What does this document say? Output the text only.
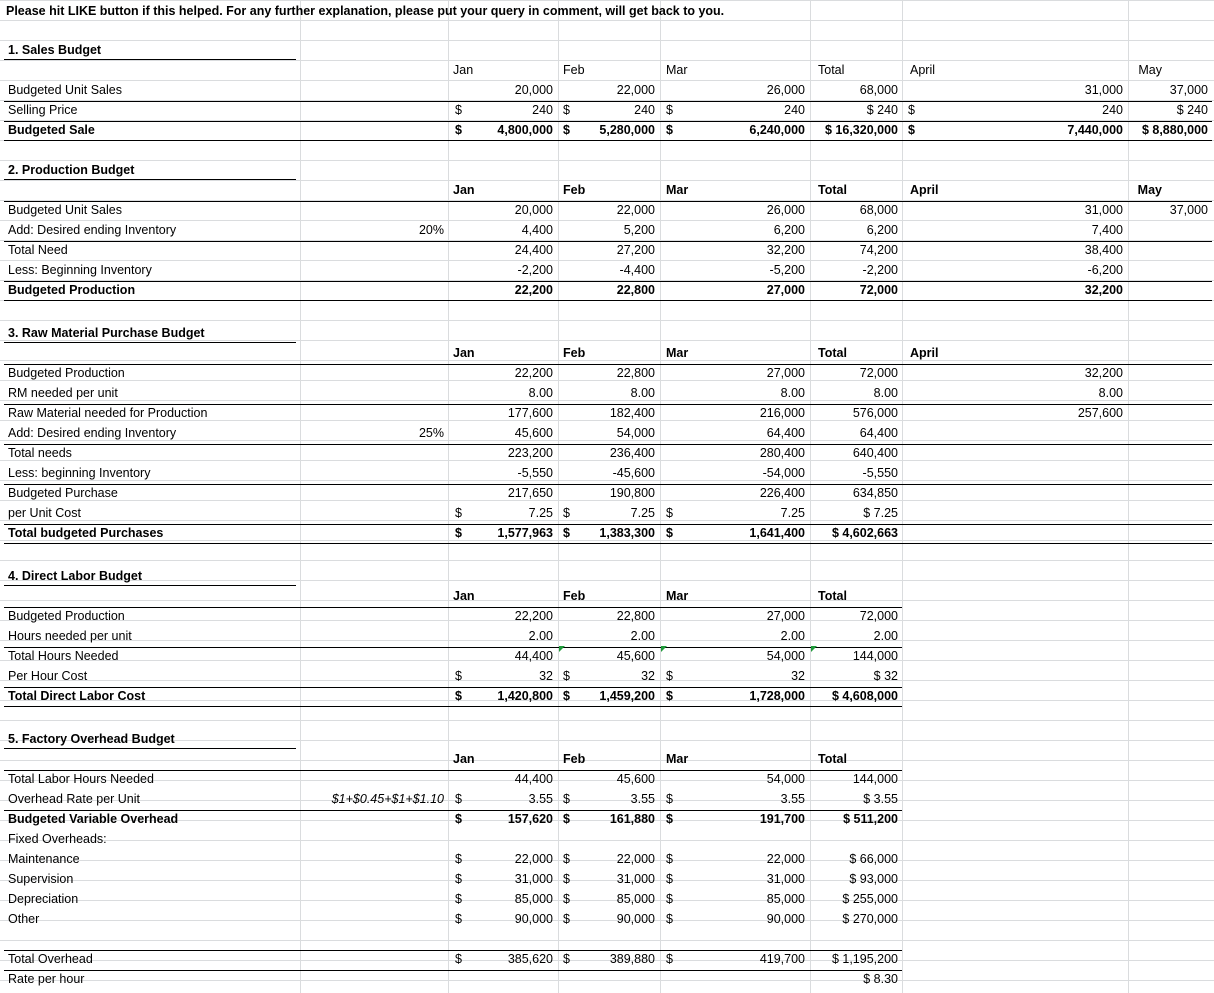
Please hit LIKE button if this helped. For any further explanation, please put your query in comment, will get back to you.
1. Sales Budget
Jan	Feb	Mar	Total	April	May
Budgeted Unit Sales	20,000	22,000	26,000	68,000	31,000	37,000
Selling Price	$	240 $	240 $	240	$ 240 $	240	$ 240
Budgeted Sale	$	4,800,000 $	5,280,000 $	6,240,000	$ 16,320,000 $	7,440,000	$ 8,880,000
2. Production Budget
Jan	Feb	Mar	Total	April	May
Budgeted Unit Sales	20,000	22,000	26,000	68,000	31,000	37,000
Add: Desired ending Inventory	20%	4,400	5,200	6,200	6,200	7,400
Total Need	24,400	27,200	32,200	74,200	38,400
Less: Beginning Inventory	-2,200	-4,400	-5,200	-2,200	-6,200
Budgeted Production	22,200	22,800	27,000	72,000	32,200
3. Raw Material Purchase Budget
Jan	Feb	Mar	Total	April
Budgeted Production	22,200	22,800	27,000	72,000	32,200
RM needed per unit	8.00	8.00	8.00	8.00	8.00
Raw Material needed for Production	177,600	182,400	216,000	576,000	257,600
Add: Desired ending Inventory	25%	45,600	54,000	64,400	64,400
Total needs	223,200	236,400	280,400	640,400
Less: beginning Inventory	-5,550	-45,600	-54,000	-5,550
Budgeted Purchase	217,650	190,800	226,400	634,850
per Unit Cost	$	7.25 $	7.25 $	7.25	$ 7.25
Total budgeted Purchases	$	1,577,963 $	1,383,300 $	1,641,400	$ 4,602,663
4. Direct Labor Budget
Jan	Feb	Mar	Total
Budgeted Production	22,200	22,800	27,000	72,000
Hours needed per unit	2.00	2.00	2.00	2.00
Total Hours Needed	44,400	45,600	54,000	144,000
Per Hour Cost	$	32 $	32 $	32	$ 32
Total Direct Labor Cost	$	1,420,800 $	1,459,200 $	1,728,000	$ 4,608,000
5. Factory Overhead Budget
Jan	Feb	Mar	Total
Total Labor Hours Needed	44,400	45,600	54,000	144,000
Overhead Rate per Unit	$1+$0.45+$1+$1.10 $	3.55 $	3.55 $	3.55	$ 3.55
Budgeted Variable Overhead	$	157,620 $	161,880 $	191,700	$ 511,200
Fixed Overheads:
Maintenance	$	22,000 $	22,000 $	22,000	$ 66,000
Supervision	$	31,000 $	31,000 $	31,000	$ 93,000
Depreciation	$	85,000 $	85,000 $	85,000	$ 255,000
Other	$	90,000 $	90,000 $	90,000	$ 270,000
Total Overhead	$	385,620 $	389,880 $	419,700	$ 1,195,200
Rate per hour	$ 8.30
